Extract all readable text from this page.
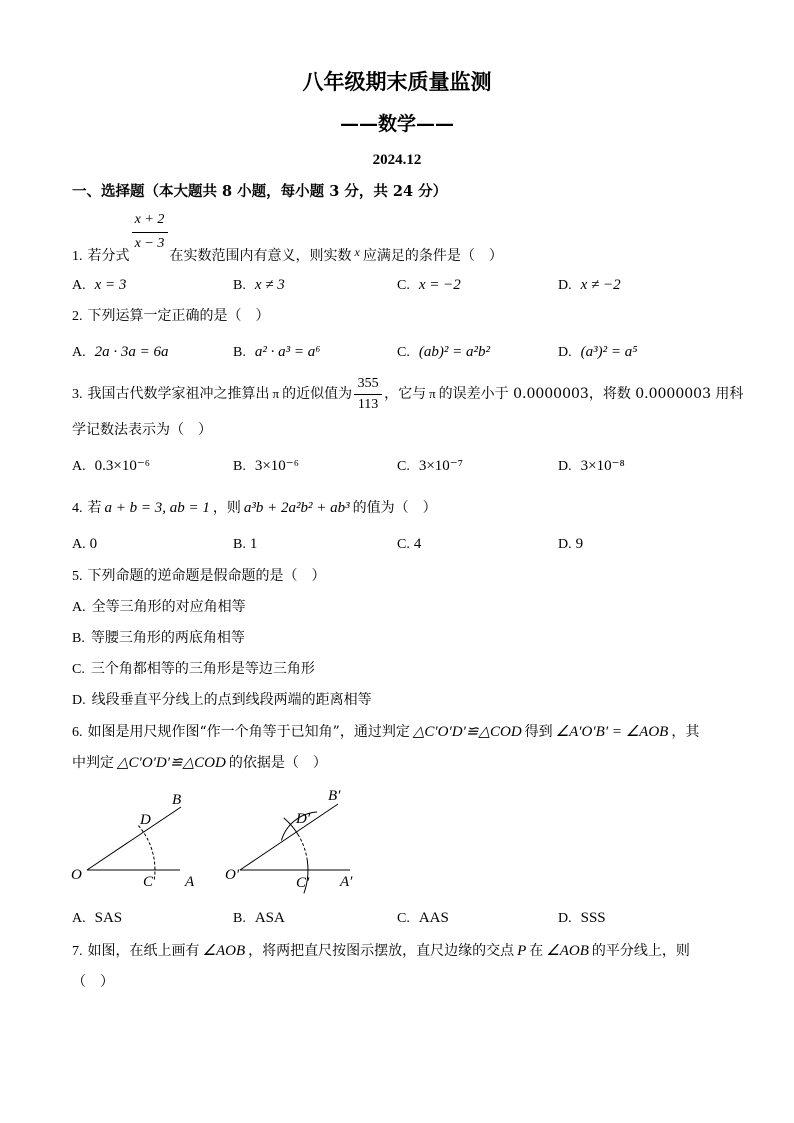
八年级期末质量监测
——数学——
2024.12
一、选择题（本大题共 8 小题，每小题 3 分，共 24 分）
1. 若分式 $\frac{x + 2}{x - 3}$ 在实数范围内有意义，则实数 x 应满足的条件是（　）
A. x = 3	B. x ≠ 3	C. x = −2	D. x ≠ −2
2. 下列运算一定正确的是（　）
A. 2a · 3a = 6a	B. a² · a³ = a⁶	C. (ab)² = a²b²	D. (a³)² = a⁵
3. 我国古代数学家祖冲之推算出 π 的近似值为 $\frac{355}{113}$ ，它与 π 的误差小于 0.0000003，将数 0.0000003 用科
学记数法表示为（　）
A. 0.3×10⁻⁶	B. 3×10⁻⁶	C. 3×10⁻⁷	D. 3×10⁻⁸
4. 若 a + b = 3, ab = 1 ，则 a³b + 2a²b² + ab³ 的值为（　）
A. 0	B. 1	C. 4	D. 9
5. 下列命题的逆命题是假命题的是（　）
A. 全等三角形的对应角相等
B. 等腰三角形的两底角相等
C. 三个角都相等的三角形是等边三角形
D. 线段垂直平分线上的点到线段两端的距离相等
6. 如图是用尺规作图“作一个角等于已知角”，通过判定 △C′O′D′≌△COD 得到 ∠A′O′B′ = ∠AOB ，其
中判定 △C′O′D′≌△COD 的依据是（　）
O	C A
B
D
O′	C′ A′
B′
D′
A. SAS	B. ASA	C. AAS	D. SSS
7. 如图，在纸上画有 ∠AOB ，将两把直尺按图示摆放，直尺边缘的交点 P 在 ∠AOB 的平分线上，则
（　）
